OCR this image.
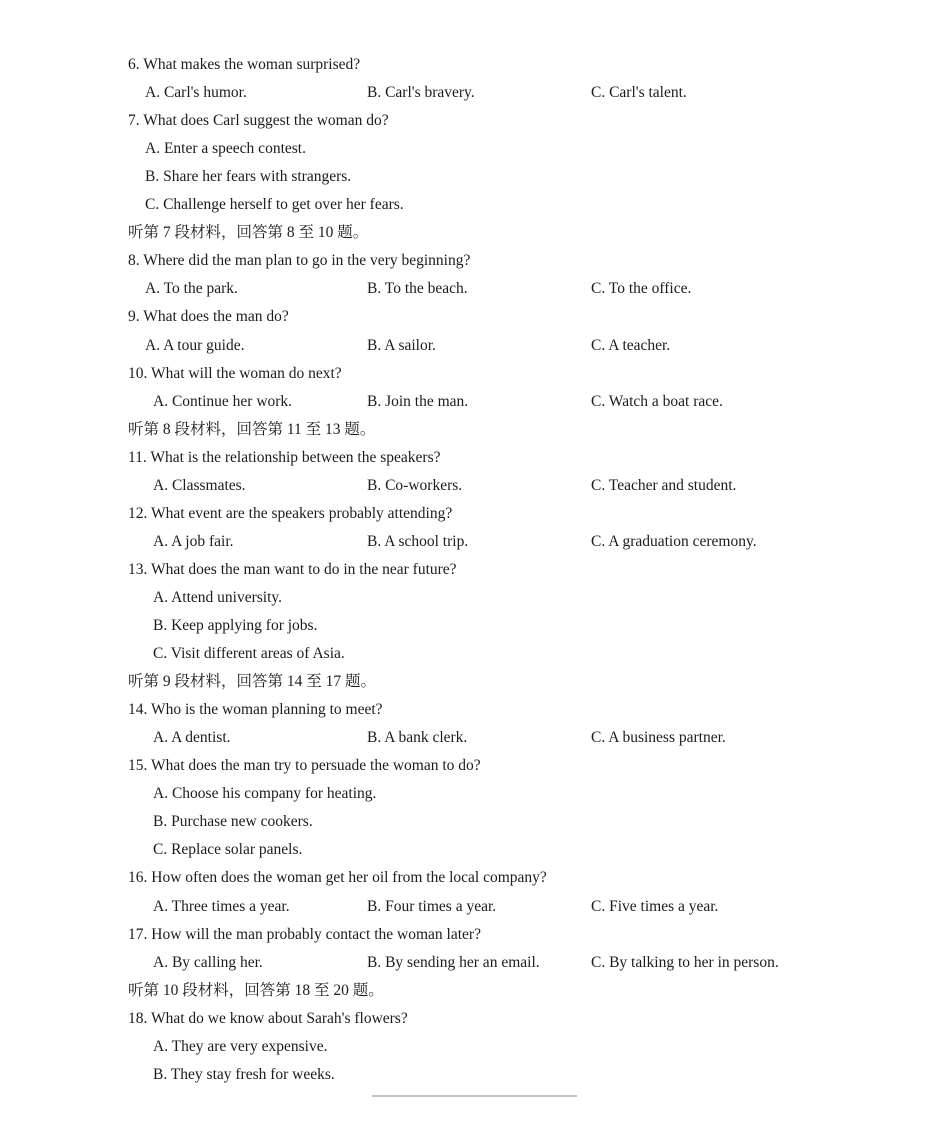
6. What makes the woman surprised?
A. Carl's humor.	B. Carl's bravery.	C. Carl's talent.
7. What does Carl suggest the woman do?
A. Enter a speech contest.
B. Share her fears with strangers.
C. Challenge herself to get over her fears.
听第 7 段材料，回答第 8 至 10 题。
8. Where did the man plan to go in the very beginning?
A. To the park.	B. To the beach.	C. To the office.
9. What does the man do?
A. A tour guide.	B. A sailor.	C. A teacher.
10. What will the woman do next?
A. Continue her work.	B. Join the man.	C. Watch a boat race.
听第 8 段材料，回答第 11 至 13 题。
11. What is the relationship between the speakers?
A. Classmates.	B. Co-workers.	C. Teacher and student.
12. What event are the speakers probably attending?
A. A job fair.	B. A school trip.	C. A graduation ceremony.
13. What does the man want to do in the near future?
A. Attend university.
B. Keep applying for jobs.
C. Visit different areas of Asia.
听第 9 段材料，回答第 14 至 17 题。
14. Who is the woman planning to meet?
A. A dentist.	B. A bank clerk.	C. A business partner.
15. What does the man try to persuade the woman to do?
A. Choose his company for heating.
B. Purchase new cookers.
C. Replace solar panels.
16. How often does the woman get her oil from the local company?
A. Three times a year.	B. Four times a year.	C. Five times a year.
17. How will the man probably contact the woman later?
A. By calling her.	B. By sending her an email.	C. By talking to her in person.
听第 10 段材料，回答第 18 至 20 题。
18. What do we know about Sarah's flowers?
A. They are very expensive.
B. They stay fresh for weeks.
